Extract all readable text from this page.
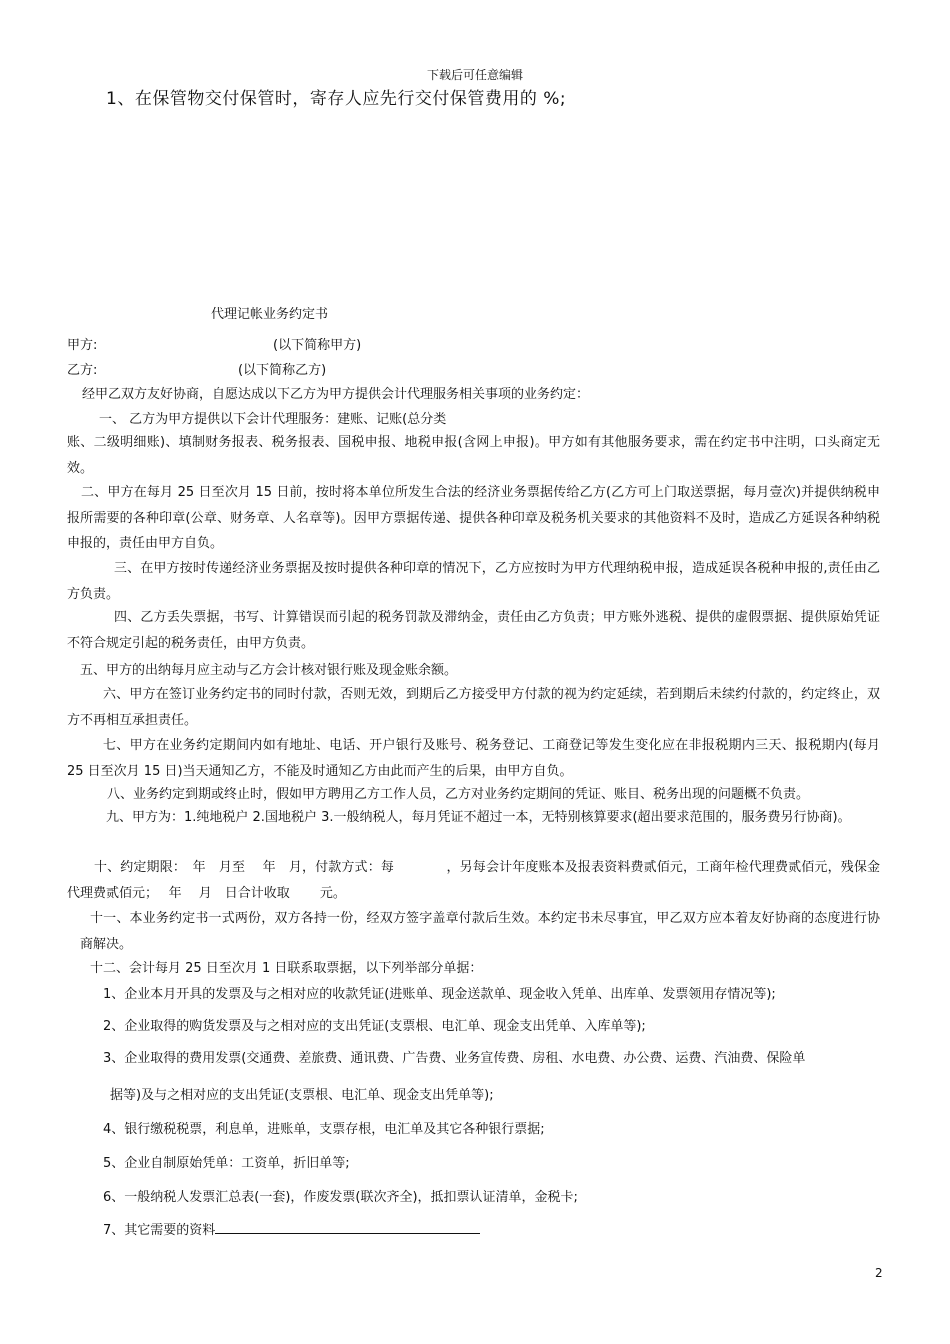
下载后可任意编辑
1、在保管物交付保管时，寄存人应先行交付保管费用的 %;
代理记帐业务约定书
甲方:	(以下简称甲方)
乙方:	(以下简称乙方)
经甲乙双方友好协商，自愿达成以下乙方为甲方提供会计代理服务相关事项的业务约定：
一、 乙方为甲方提供以下会计代理服务：建账、记账(总分类
账、二级明细账)、填制财务报表、税务报表、国税申报、地税申报(含网上申报)。甲方如有其他服务要求，需在约定书中注明，口头商定无效。
二、甲方在每月 25 日至次月 15 日前，按时将本单位所发生合法的经济业务票据传给乙方(乙方可上门取送票据，每月壹次)并提供纳税申报所需要的各种印章(公章、财务章、人名章等)。因甲方票据传递、提供各种印章及税务机关要求的其他资料不及时，造成乙方延误各种纳税申报的，责任由甲方自负。
三、在甲方按时传递经济业务票据及按时提供各种印章的情况下，乙方应按时为甲方代理纳税申报，造成延误各税种申报的,责任由乙方负责。
四、乙方丢失票据，书写、计算错误而引起的税务罚款及滞纳金，责任由乙方负责；甲方账外逃税、提供的虚假票据、提供原始凭证不符合规定引起的税务责任，由甲方负责。
五、甲方的出纳每月应主动与乙方会计核对银行账及现金账余额。
六、甲方在签订业务约定书的同时付款，否则无效，到期后乙方接受甲方付款的视为约定延续，若到期后未续约付款的，约定终止，双方不再相互承担责任。
七、甲方在业务约定期间内如有地址、电话、开户银行及账号、税务登记、工商登记等发生变化应在非报税期内三天、报税期内(每月 25 日至次月 15 日)当天通知乙方，不能及时通知乙方由此而产生的后果，由甲方自负。
八、业务约定到期或终止时，假如甲方聘用乙方工作人员，乙方对业务约定期间的凭证、账目、税务出现的问题概不负责。
九、甲方为：1.纯地税户 2.国地税户 3.一般纳税人，每月凭证不超过一本，无特别核算要求(超出要求范围的，服务费另行协商)。
十、约定期限：　年　月至　 年　月，付款方式：每　　　　，另每会计年度账本及报表资料费贰佰元，工商年检代理费贰佰元，残保金代理费贰佰元；　 年　 月　日合计收取　　 元。
十一、本业务约定书一式两份，双方各持一份，经双方签字盖章付款后生效。本约定书未尽事宜，甲乙双方应本着友好协商的态度进行协商解决。
十二、会计每月 25 日至次月 1 日联系取票据，以下列举部分单据：
1、企业本月开具的发票及与之相对应的收款凭证(进账单、现金送款单、现金收入凭单、出库单、发票领用存情况等);
2、企业取得的购货发票及与之相对应的支出凭证(支票根、电汇单、现金支出凭单、入库单等);
3、企业取得的费用发票(交通费、差旅费、通讯费、广告费、业务宣传费、房租、水电费、办公费、运费、汽油费、保险单
据等)及与之相对应的支出凭证(支票根、电汇单、现金支出凭单等);
4、银行缴税税票，利息单，进账单，支票存根，电汇单及其它各种银行票据;
5、企业自制原始凭单：工资单，折旧单等;
6、一般纳税人发票汇总表(一套)，作废发票(联次齐全)，抵扣票认证清单，金税卡;
7、其它需要的资料
2
